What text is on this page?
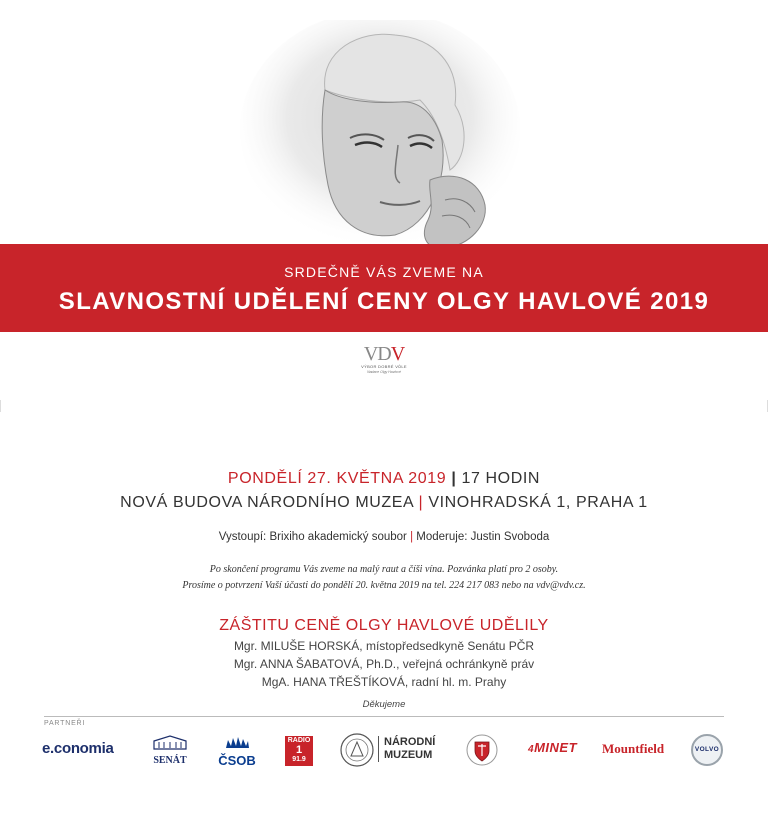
SRDEČNĚ VÁS ZVEME NA
SLAVNOSTNÍ UDĚLENÍ CENY OLGY HAVLOVÉ 2019
VDV
VÝBOR DOBRÉ VŮLE
Nadace Olgy Havlové
PONDĚLÍ 27. KVĚTNA 2019 | 17 HODIN
NOVÁ BUDOVA NÁRODNÍHO MUZEA | VINOHRADSKÁ 1, PRAHA 1
Vystoupí: Brixiho akademický soubor | Moderuje: Justin Svoboda
Po skončení programu Vás zveme na malý raut a číši vína. Pozvánka platí pro 2 osoby.
Prosíme o potvrzení Vaší účasti do pondělí 20. května 2019 na tel. 224 217 083 nebo na vdv@vdv.cz.
ZÁŠTITU CENĚ OLGY HAVLOVÉ UDĚLILY
Mgr. MILUŠE HORSKÁ, místopředsedkyně Senátu PČR
Mgr. ANNA ŠABATOVÁ, Ph.D., veřejná ochránkyně práv
MgA. HANA TŘEŠTÍKOVÁ, radní hl. m. Prahy
Děkujeme
PARTNEŘI
e.conomia
SENÁT	ČSOB
RADIO
1
91.9
NÁRODNÍ
MUZEUM	4MINET Mountfield	VOLVO
